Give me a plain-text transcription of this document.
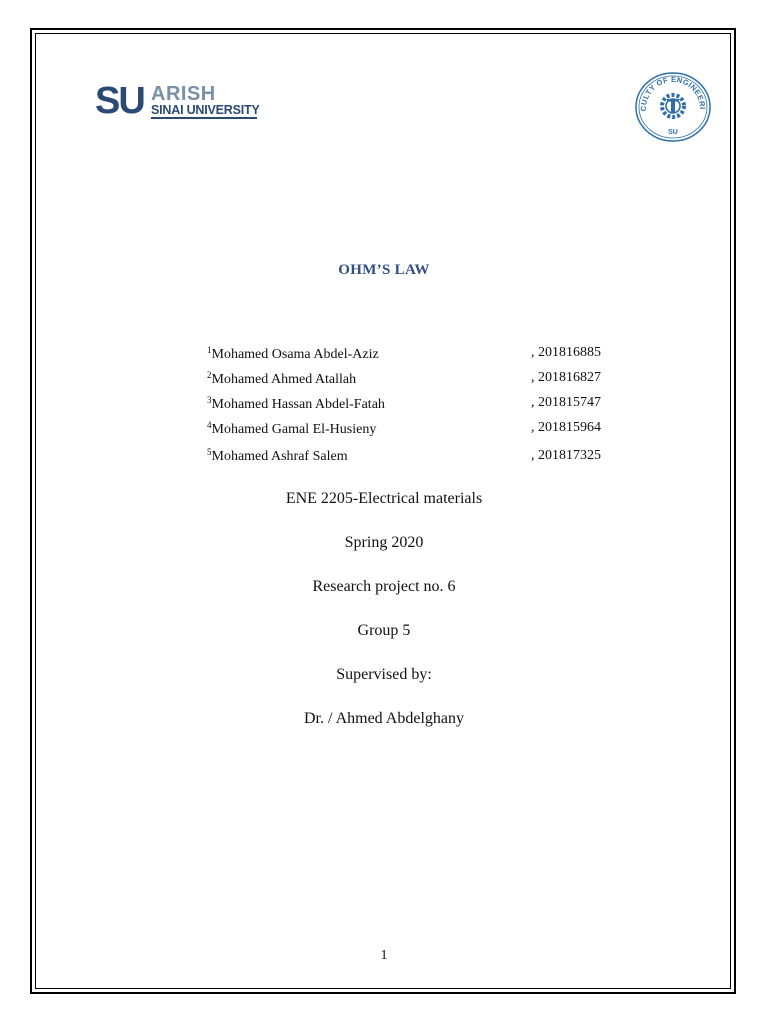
SU ARISH
SINAI UNIVERSITY	CULTY OF ENGINEERI
SU
OHM’S LAW
$^1$Mohamed Osama Abdel-Aziz	, 201816885
$^2$Mohamed Ahmed Atallah	, 201816827
$^3$Mohamed Hassan Abdel-Fatah	, 201815747
$^4$Mohamed Gamal El-Husieny	, 201815964
$^5$Mohamed Ashraf Salem	, 201817325
ENE 2205-Electrical materials
Spring 2020
Research project no. 6
Group 5
Supervised by:
Dr. / Ahmed Abdelghany
1
